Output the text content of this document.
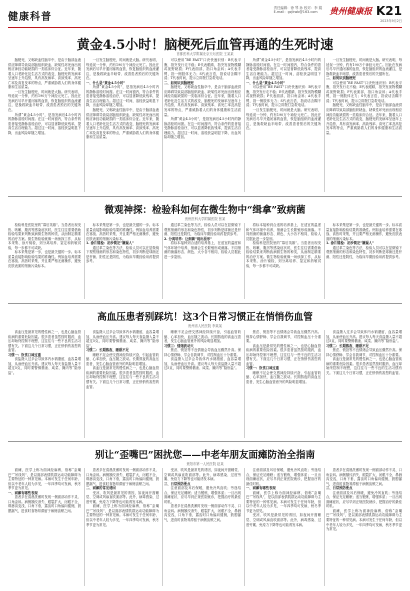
健康科普
责任编辑：徐 琴 孙 校对：李 娟
E-mail：gzjkwb@163.com	贵州健康报 K21
2023年9月2日
黄金4.5小时！脑梗死后血管再通的生死时速
首都医科大学附属北京天坛医院 王某某

脑梗死，又称缺血性脑卒中，是由于脑部血液供应障碍导致局部脑组织缺血、缺氧性坏死而出现相应神经功能缺损的一类临床综合征。近年来，随着人口老龄化及生活方式的改变，脑梗死的发病率呈逐年上升趋势，具有高发病率、高致残率、高死亡率及高复发率的特点，严重威胁着人们的身体健康和生活质量。

一旦发生脑梗死，时间就是大脑。研究表明，每延误一分钟，约有190万个神经元死亡。因此在发病后尽早开通闭塞的血管，恢复脑组织的血流灌注，是挽救缺血半暗带、改善患者预后的关键所在。

所谓“黄金4.5小时”，是指发病后4.5小时内的静脉溶栓时间窗。在这一时间窗内，符合条件的患者接受静脉溶栓治疗，可以显著降低致残率，提高生活自理能力。超过这一时间，溶栓获益明显下降，出血风险却随之增加。

一旦发生脑梗死，时间就是大脑。研究表明，每延误一分钟，约有190万个神经元死亡。因此在发病后尽早开通闭塞的血管，恢复脑组织的血流灌注，是挽救缺血半暗带、改善患者预后的关键所在。

一、什么是“黄金4.5小时”

所谓“黄金4.5小时”，是指发病后4.5小时内的静脉溶栓时间窗。在这一时间窗内，符合条件的患者接受静脉溶栓治疗，可以显著降低致残率，提高生活自理能力。超过这一时间，溶栓获益明显下降，出血风险却随之增加。

脑梗死，又称缺血性脑卒中，是由于脑部血液供应障碍导致局部脑组织缺血、缺氧性坏死而出现相应神经功能缺损的一类临床综合征。近年来，随着人口老龄化及生活方式的改变，脑梗死的发病率呈逐年上升趋势，具有高发病率、高致残率、高死亡率及高复发率的特点，严重威胁着人们的身体健康和生活质量。

可以使用“BE FAST”口诀快速识别：B代表平衡，指突发行走不稳；E代表眼睛，指突发视物模糊或视野缺损；F代表面部，指口角歪斜；A代表手臂，指一侧肢体无力；S代表言语，指说话含糊不清；T代表时间，提示立即拨打急救电话。

二、如何识别脑梗死

脑梗死，又称缺血性脑卒中，是由于脑部血液供应障碍导致局部脑组织缺血、缺氧性坏死而出现相应神经功能缺损的一类临床综合征。近年来，随着人口老龄化及生活方式的改变，脑梗死的发病率呈逐年上升趋势，具有高发病率、高致残率、高死亡率及高复发率的特点，严重威胁着人们的身体健康和生活质量。

所谓“黄金4.5小时”，是指发病后4.5小时内的静脉溶栓时间窗。在这一时间窗内，符合条件的患者接受静脉溶栓治疗，可以显著降低致残率，提高生活自理能力。超过这一时间，溶栓获益明显下降，出血风险却随之增加。

所谓“黄金4.5小时”，是指发病后4.5小时内的静脉溶栓时间窗。在这一时间窗内，符合条件的患者接受静脉溶栓治疗，可以显著降低致残率，提高生活自理能力。超过这一时间，溶栓获益明显下降，出血风险却随之增加。

一、什么是“黄金4.5小时”

可以使用“BE FAST”口诀快速识别：B代表平衡，指突发行走不稳；E代表眼睛，指突发视物模糊或视野缺损；F代表面部，指口角歪斜；A代表手臂，指一侧肢体无力；S代表言语，指说话含糊不清；T代表时间，提示立即拨打急救电话。

一旦发生脑梗死，时间就是大脑。研究表明，每延误一分钟，约有190万个神经元死亡。因此在发病后尽早开通闭塞的血管，恢复脑组织的血流灌注，是挽救缺血半暗带、改善患者预后的关键所在。

一旦发生脑梗死，时间就是大脑。研究表明，每延误一分钟，约有190万个神经元死亡。因此在发病后尽早开通闭塞的血管，恢复脑组织的血流灌注，是挽救缺血半暗带、改善患者预后的关键所在。

二、如何识别脑梗死

可以使用“BE FAST”口诀快速识别：B代表平衡，指突发行走不稳；E代表眼睛，指突发视物模糊或视野缺损；F代表面部，指口角歪斜；A代表手臂，指一侧肢体无力；S代表言语，指说话含糊不清；T代表时间，提示立即拨打急救电话。

脑梗死，又称缺血性脑卒中，是由于脑部血液供应障碍导致局部脑组织缺血、缺氧性坏死而出现相应神经功能缺损的一类临床综合征。近年来，随着人口老龄化及生活方式的改变，脑梗死的发病率呈逐年上升趋势，具有高发病率、高致残率、高死亡率及高复发率的特点，严重威胁着人们的身体健康和生活质量。

微观神探：检验科如何在微生物中“缉拿”致病菌
贵州医科大学附属医院 张某

检验科是医院里的“幕后英雄”。当患者出现发热、咳嗽、腹泻等感染症状时，医生往往需要借助检验结果来判断致病微生物的种类，从而制定精准的治疗方案。微生物检验就像一场侦探工作，从标本采集、涂片镜检，到分离培养、鉴定和药敏试验，每一步都不可或缺。

标本采集是第一步，也是最关键的一步。标本质量直接影响检验结果的准确性。例如血培养需要在寒战、高热时采集，并且要严格无菌操作，避免皮肤表面的细菌污染标本。

标本采集是第一步，也是最关键的一步。标本质量直接影响检验结果的准确性。例如血培养需要在寒战、高热时采集，并且要严格无菌操作，避免皮肤表面的细菌污染标本。

1. 涂片镜检：初步锁定“嫌疑人”

通过革兰染色等方法，检验人员可以在显微镜下观察细菌的形态和染色特性，初步判断是球菌还是杆菌、阳性还是阴性，为临床早期经验用药提供参考。

通过革兰染色等方法，检验人员可以在显微镜下观察细菌的形态和染色特性，初步判断是球菌还是杆菌、阳性还是阴性，为临床早期经验用药提供参考。

2. 分离培养：让细菌“现出原形”

将标本接种到合适的培养基上，在适宜的温度和气体环境中培养，细菌会生长繁殖形成菌落。不同细菌的菌落形态、颜色、大小各不相同，检验人员据此进一步鉴别。

将标本接种到合适的培养基上，在适宜的温度和气体环境中培养，细菌会生长繁殖形成菌落。不同细菌的菌落形态、颜色、大小各不相同，检验人员据此进一步鉴别。

检验科是医院里的“幕后英雄”。当患者出现发热、咳嗽、腹泻等感染症状时，医生往往需要借助检验结果来判断致病微生物的种类，从而制定精准的治疗方案。微生物检验就像一场侦探工作，从标本采集、涂片镜检，到分离培养、鉴定和药敏试验，每一步都不可或缺。

标本采集是第一步，也是最关键的一步。标本质量直接影响检验结果的准确性。例如血培养需要在寒战、高热时采集，并且要严格无菌操作，避免皮肤表面的细菌污染标本。

1. 涂片镜检：初步锁定“嫌疑人”

通过革兰染色等方法，检验人员可以在显微镜下观察细菌的形态和染色特性，初步判断是球菌还是杆菌、阳性还是阴性，为临床早期经验用药提供参考。

高血压患者别踩坑！这3个日常习惯正在悄悄伤血管
贵州省人民医院 李某某

高血压是最常见的慢性病之一，也是心脑血管疾病的重要危险因素。很多患者虽然按时服药，血压却始终控制不理想，这往往与一些不良的生活习惯有关。下面这几个日常习惯，正在悄悄伤害您的血管。

习惯一：饮食口味过重

食盐摄入过多会导致体内水钠潴留，血容量增加，从而使血压升高。建议每人每天食盐摄入量不超过5克，同时要警惕酱油、咸菜、腌肉等“隐形盐”。

食盐摄入过多会导致体内水钠潴留，血容量增加，从而使血压升高。建议每人每天食盐摄入量不超过5克，同时要警惕酱油、咸菜、腌肉等“隐形盐”。

习惯二：长期熬夜、睡眠不足

睡眠不足会使交感神经持续兴奋，引起血管收缩、心率加快，血压随之波动。长期熬夜的高血压患者，发生心脑血管意外的风险明显增加。

高血压是最常见的慢性病之一，也是心脑血管疾病的重要危险因素。很多患者虽然按时服药，血压却始终控制不理想，这往往与一些不良的生活习惯有关。下面这几个日常习惯，正在悄悄伤害您的血管。

睡眠不足会使交感神经持续兴奋，引起血管收缩、心率加快，血压随之波动。长期熬夜的高血压患者，发生心脑血管意外的风险明显增加。

习惯三：情绪波动大

焦虑、愤怒等不良情绪会导致血压骤然升高。保持心情舒畅、学会自我调节，对控制血压十分重要。

食盐摄入过多会导致体内水钠潴留，血容量增加，从而使血压升高。建议每人每天食盐摄入量不超过5克，同时要警惕酱油、咸菜、腌肉等“隐形盐”。

焦虑、愤怒等不良情绪会导致血压骤然升高。保持心情舒畅、学会自我调节，对控制血压十分重要。

高血压是最常见的慢性病之一，也是心脑血管疾病的重要危险因素。很多患者虽然按时服药，血压却始终控制不理想，这往往与一些不良的生活习惯有关。下面这几个日常习惯，正在悄悄伤害您的血管。

习惯一：饮食口味过重

睡眠不足会使交感神经持续兴奋，引起血管收缩、心率加快，血压随之波动。长期熬夜的高血压患者，发生心脑血管意外的风险明显增加。

食盐摄入过多会导致体内水钠潴留，血容量增加，从而使血压升高。建议每人每天食盐摄入量不超过5克，同时要警惕酱油、咸菜、腌肉等“隐形盐”。

习惯二：长期熬夜、睡眠不足

焦虑、愤怒等不良情绪会导致血压骤然升高。保持心情舒畅、学会自我调节，对控制血压十分重要。

高血压是最常见的慢性病之一，也是心脑血管疾病的重要危险因素。很多患者虽然按时服药，血压却始终控制不理想，这往往与一些不良的生活习惯有关。下面这几个日常习惯，正在悄悄伤害您的血管。

别让“歪嘴巴”困扰您——中老年朋友面瘫防治全指南
贵阳市第一人民医院 赵某

面瘫，医学上称为面神经麻痹，俗称“歪嘴巴”“吊线风”，是以面部表情肌群运动功能障碍为主要特征的一种常见病。本病可发生于任何年龄，但以中老年人较为多见，一年四季均可发病，秋冬季节更为常见。

一、面瘫有哪些表现

患者多在清晨洗漱时发现一侧面部动作不灵、口角歪斜。病侧额纹消失、眼裂扩大，闭眼不全，鼻唇沟变浅，口角下垂，露齿时口角偏向健侧，鼓腮漏气，进食时食物易滞留于病侧齿颊之间。

患者多在清晨洗漱时发现一侧面部动作不灵、口角歪斜。病侧额纹消失、眼裂扩大，闭眼不全，鼻唇沟变浅，口角下垂，露齿时口角偏向健侧，鼓腮漏气，进食时食物易滞留于病侧齿颊之间。

二、面瘫的常见诱因

受凉、吹风是最常见的诱因，如夜间开窗睡觉、空调或风扇直吹面部等。此外，病毒感染、过度劳累、免疫力下降等也可能诱发本病。

面瘫，医学上称为面神经麻痹，俗称“歪嘴巴”“吊线风”，是以面部表情肌群运动功能障碍为主要特征的一种常见病。本病可发生于任何年龄，但以中老年人较为多见，一年四季均可发病，秋冬季节更为常见。

受凉、吹风是最常见的诱因，如夜间开窗睡觉、空调或风扇直吹面部等。此外，病毒感染、过度劳累、免疫力下降等也可能诱发本病。

三、日常预防要点

注意面部及耳后保暖，避免冷风直吹；劳逸结合，保证充足睡眠；适当锻炼，增强体质；一旦出现面瘫症状，应尽早到正规医院就诊，把握治疗的最佳时机。

患者多在清晨洗漱时发现一侧面部动作不灵、口角歪斜。病侧额纹消失、眼裂扩大，闭眼不全，鼻唇沟变浅，口角下垂，露齿时口角偏向健侧，鼓腮漏气，进食时食物易滞留于病侧齿颊之间。

注意面部及耳后保暖，避免冷风直吹；劳逸结合，保证充足睡眠；适当锻炼，增强体质；一旦出现面瘫症状，应尽早到正规医院就诊，把握治疗的最佳时机。

一、面瘫有哪些表现

面瘫，医学上称为面神经麻痹，俗称“歪嘴巴”“吊线风”，是以面部表情肌群运动功能障碍为主要特征的一种常见病。本病可发生于任何年龄，但以中老年人较为多见，一年四季均可发病，秋冬季节更为常见。

受凉、吹风是最常见的诱因，如夜间开窗睡觉、空调或风扇直吹面部等。此外，病毒感染、过度劳累、免疫力下降等也可能诱发本病。

患者多在清晨洗漱时发现一侧面部动作不灵、口角歪斜。病侧额纹消失、眼裂扩大，闭眼不全，鼻唇沟变浅，口角下垂，露齿时口角偏向健侧，鼓腮漏气，进食时食物易滞留于病侧齿颊之间。

三、日常预防要点

注意面部及耳后保暖，避免冷风直吹；劳逸结合，保证充足睡眠；适当锻炼，增强体质；一旦出现面瘫症状，应尽早到正规医院就诊，把握治疗的最佳时机。

面瘫，医学上称为面神经麻痹，俗称“歪嘴巴”“吊线风”，是以面部表情肌群运动功能障碍为主要特征的一种常见病。本病可发生于任何年龄，但以中老年人较为多见，一年四季均可发病，秋冬季节更为常见。
